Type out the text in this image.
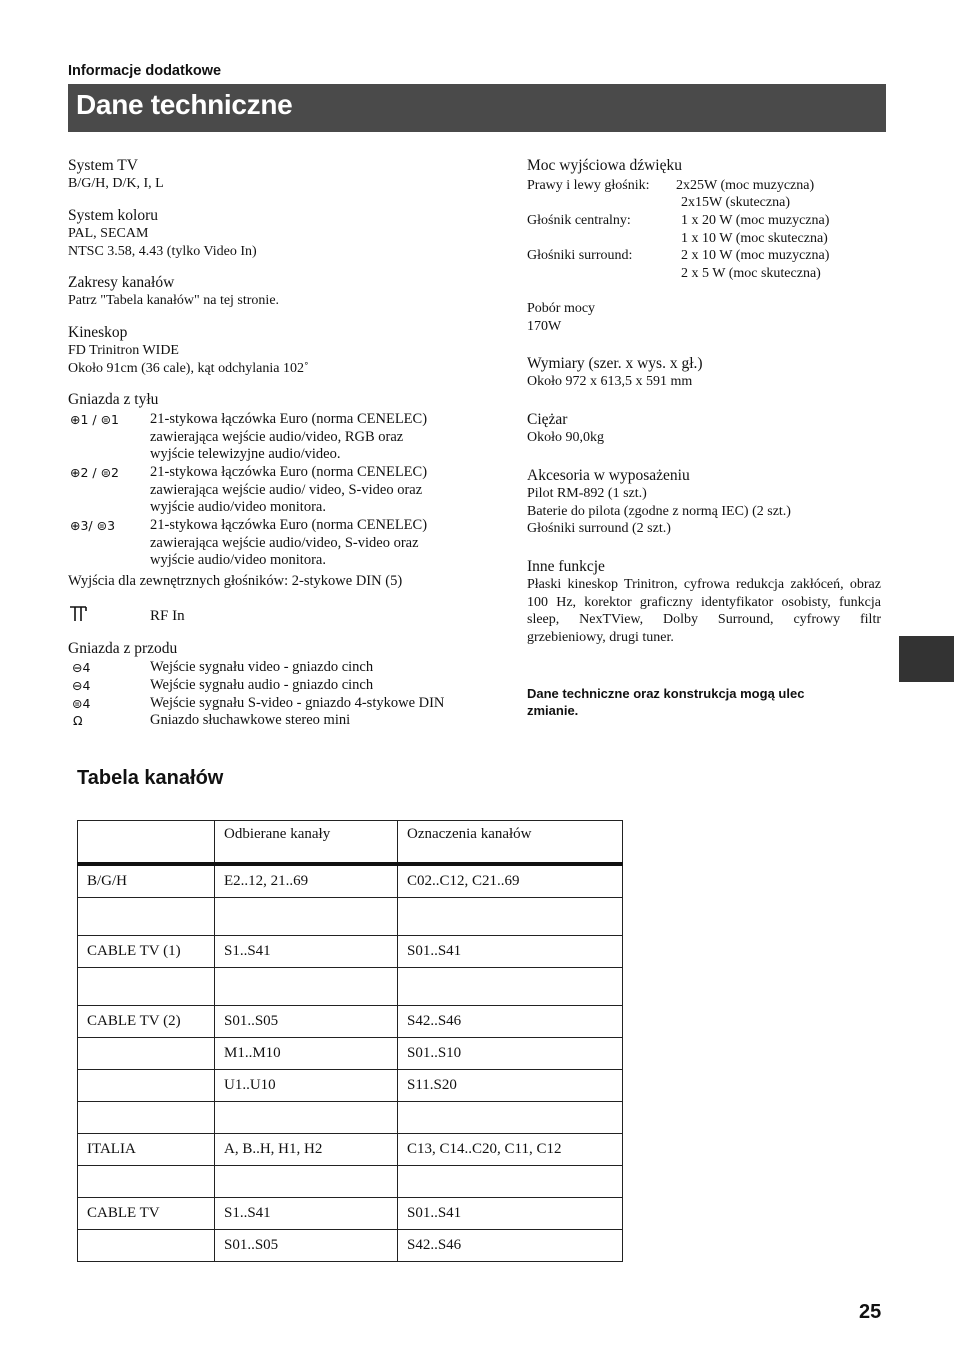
Informacje dodatkowe
Dane techniczne
System TV
B/G/H, D/K, I, L
System koloru
PAL, SECAM
NTSC 3.58, 4.43 (tylko Video In)
Zakresy kanałów
Patrz "Tabela kanałów" na tej stronie.
Kineskop
FD Trinitron WIDE
Około 91cm (36 cale), kąt odchylania 102˚
Gniazda z tyłu
⊕1 / ⊜1	21-stykowa łączówka Euro (norma CENELEC)
zawierająca wejście audio/video, RGB oraz
wyjście telewizyjne audio/video.
⊕2 / ⊜2	21-stykowa łączówka Euro (norma CENELEC)
zawierająca wejście audio/ video, S-video oraz
wyjście audio/video monitora.
⊕3/ ⊜3	21-stykowa łączówka Euro (norma CENELEC)
zawierająca wejście audio/video, S-video oraz
wyjście audio/video monitora.
Wyjścia dla zewnętrznych głośników: 2-stykowe DIN (5)
RF In
Gniazda z przodu
⊖4	Wejście sygnału video - gniazdo cinch
⊖4	Wejście sygnału audio - gniazdo cinch
⊜4	Wejście sygnału S-video - gniazdo 4-stykowe DIN
Ω	Gniazdo słuchawkowe stereo mini
Moc wyjściowa dźwięku
Prawy i lewy głośnik: 2x25W (moc muzyczna)
2x15W (skuteczna)
Głośnik centralny:	1 x 20 W (moc muzyczna)
1 x 10 W (moc skuteczna)
Głośniki surround:	2 x 10 W (moc muzyczna)
2 x 5 W (moc skuteczna)
Pobór mocy
170W
Wymiary (szer. x wys. x gł.)
Około 972 x 613,5 x 591 mm
Ciężar
Około 90,0kg
Akcesoria w wyposażeniu
Pilot RM-892 (1 szt.)
Baterie do pilota (zgodne z normą IEC) (2 szt.)
Głośniki surround (2 szt.)
Inne funkcje
Płaski kineskop Trinitron, cyfrowa redukcja zakłóceń, obraz 100 Hz, korektor graficzny identyfikator osobisty, funkcja sleep, NexTView, Dolby Surround, cyfrowy filtr grzebieniowy, drugi tuner.
Dane techniczne oraz konstrukcja mogą ulec zmianie.
Tabela kanałów
	Odbierane kanały	Oznaczenia kanałów
B/G/H	E2..12, 21..69	C02..C12, C21..69

CABLE TV (1)	S1..S41	S01..S41

CABLE TV (2)	S01..S05	S42..S46
	M1..M10	S01..S10
	U1..U10	S11.S20

ITALIA	A, B..H, H1, H2	C13, C14..C20, C11, C12

CABLE TV	S1..S41	S01..S41
	S01..S05	S42..S46
25
